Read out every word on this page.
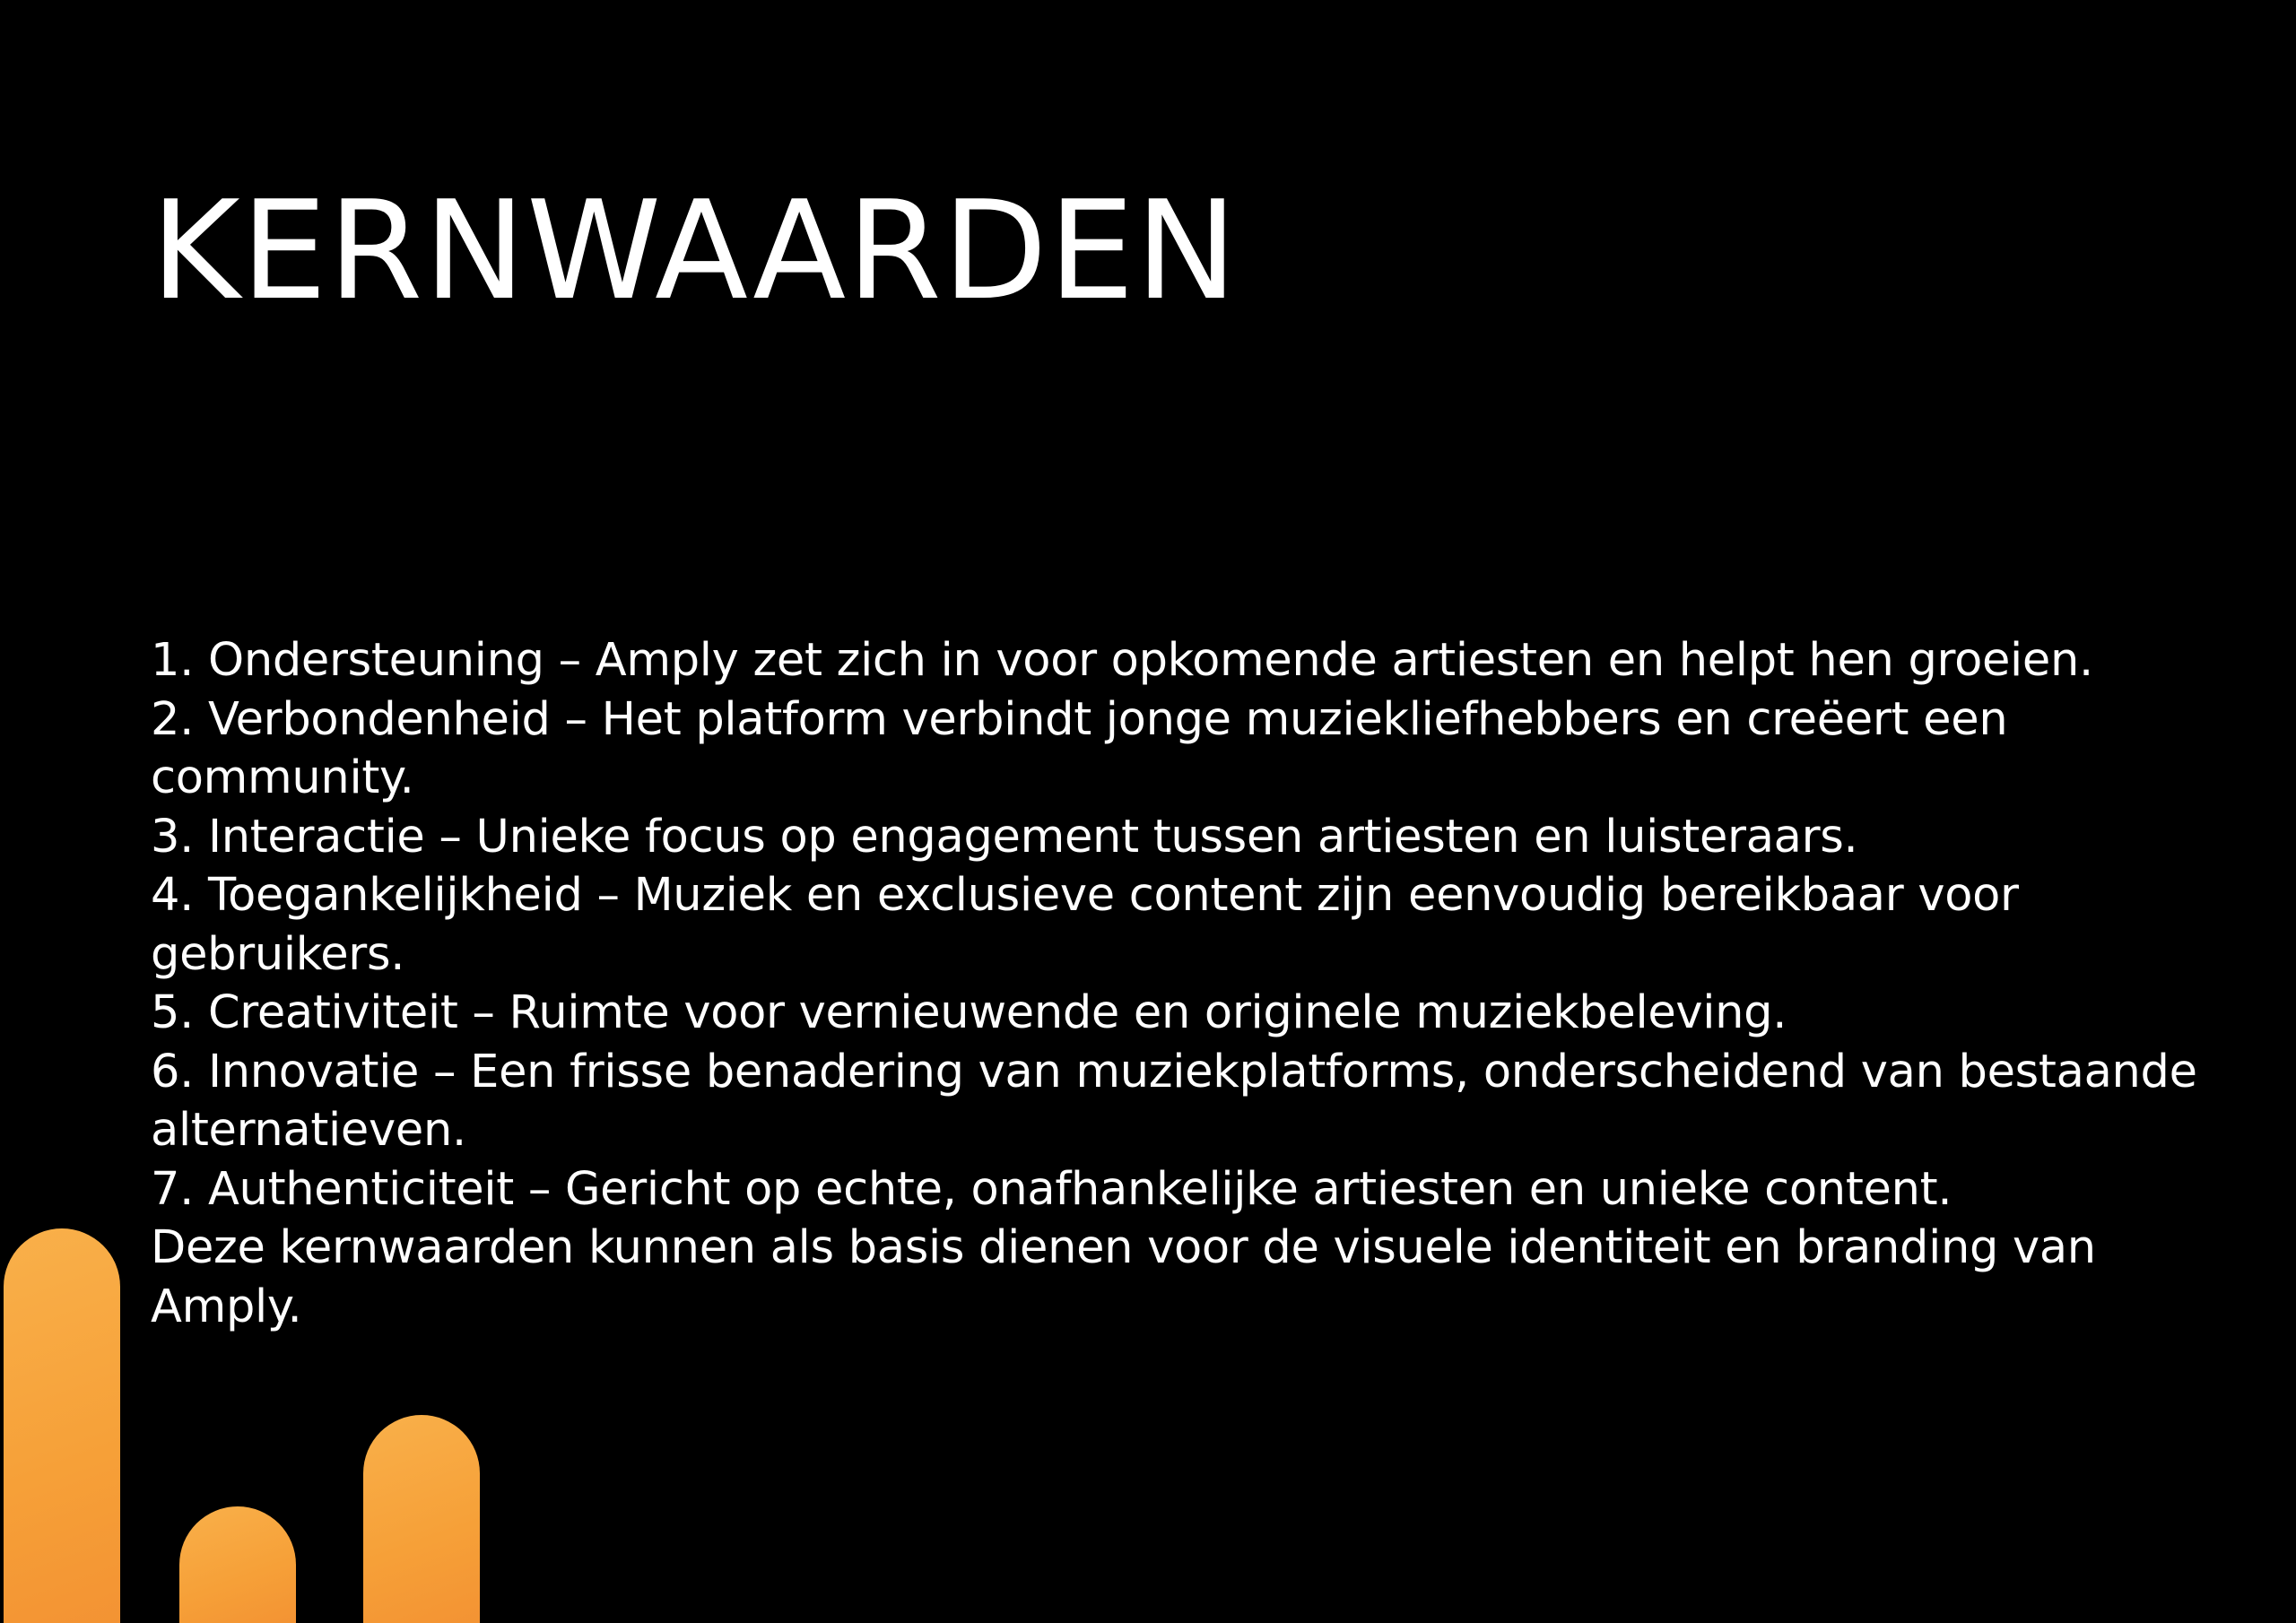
KERNWAARDEN

1. Ondersteuning – Amply zet zich in voor opkomende artiesten en helpt hen groeien.

2. Verbondenheid – Het platform verbindt jonge muziekliefhebbers en creëert een community.

3. Interactie – Unieke focus op engagement tussen artiesten en luisteraars.

4. Toegankelijkheid – Muziek en exclusieve content zijn eenvoudig bereikbaar voor gebruikers.

5. Creativiteit – Ruimte voor vernieuwende en originele muziekbeleving.

6. Innovatie – Een frisse benadering van muziekplatforms, onderscheidend van bestaande alternatieven.

7. Authenticiteit – Gericht op echte, onafhankelijke artiesten en unieke content.

Deze kernwaarden kunnen als basis dienen voor de visuele identiteit en branding van Amply.
